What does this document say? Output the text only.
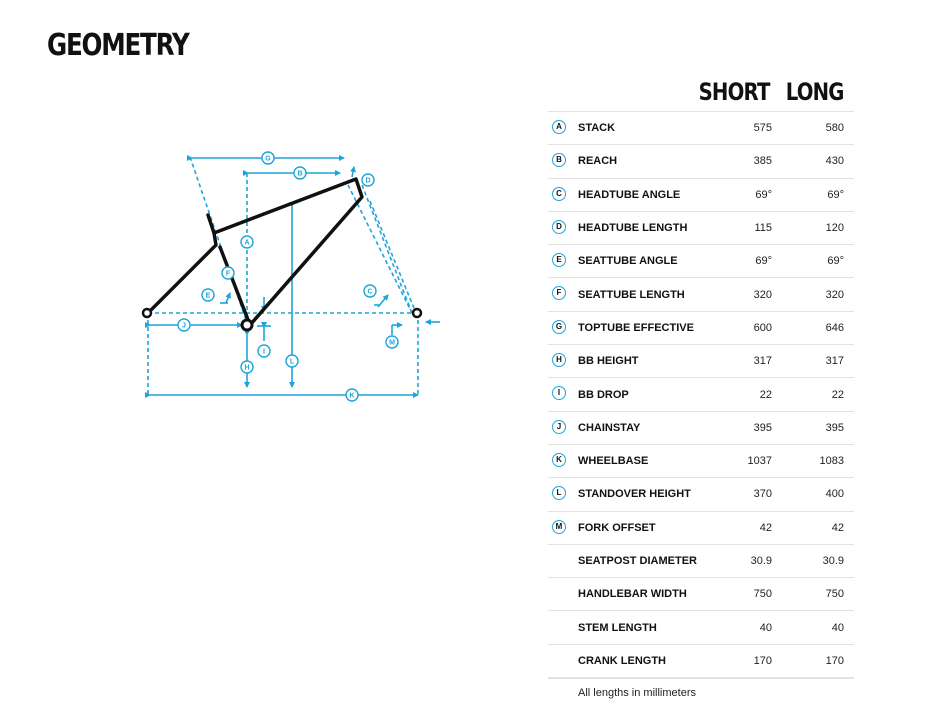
GEOMETRY
A
B
C
D
E
F
G
H
I
J
K
L
M
SHORT LONG
A	STACK	575	580
B	REACH	385	430
C	HEADTUBE ANGLE	69°	69°
D	HEADTUBE LENGTH	115	120
E	SEATTUBE ANGLE	69°	69°
F	SEATTUBE LENGTH	320	320
G	TOPTUBE EFFECTIVE	600	646
H	BB HEIGHT	317	317
I	BB DROP	22	22
J	CHAINSTAY	395	395
K	WHEELBASE	1037	1083
L	STANDOVER HEIGHT	370	400
M	FORK OFFSET	42	42
SEATPOST DIAMETER	30.9	30.9
HANDLEBAR WIDTH	750	750
STEM LENGTH	40	40
CRANK LENGTH	170	170
All lengths in millimeters
